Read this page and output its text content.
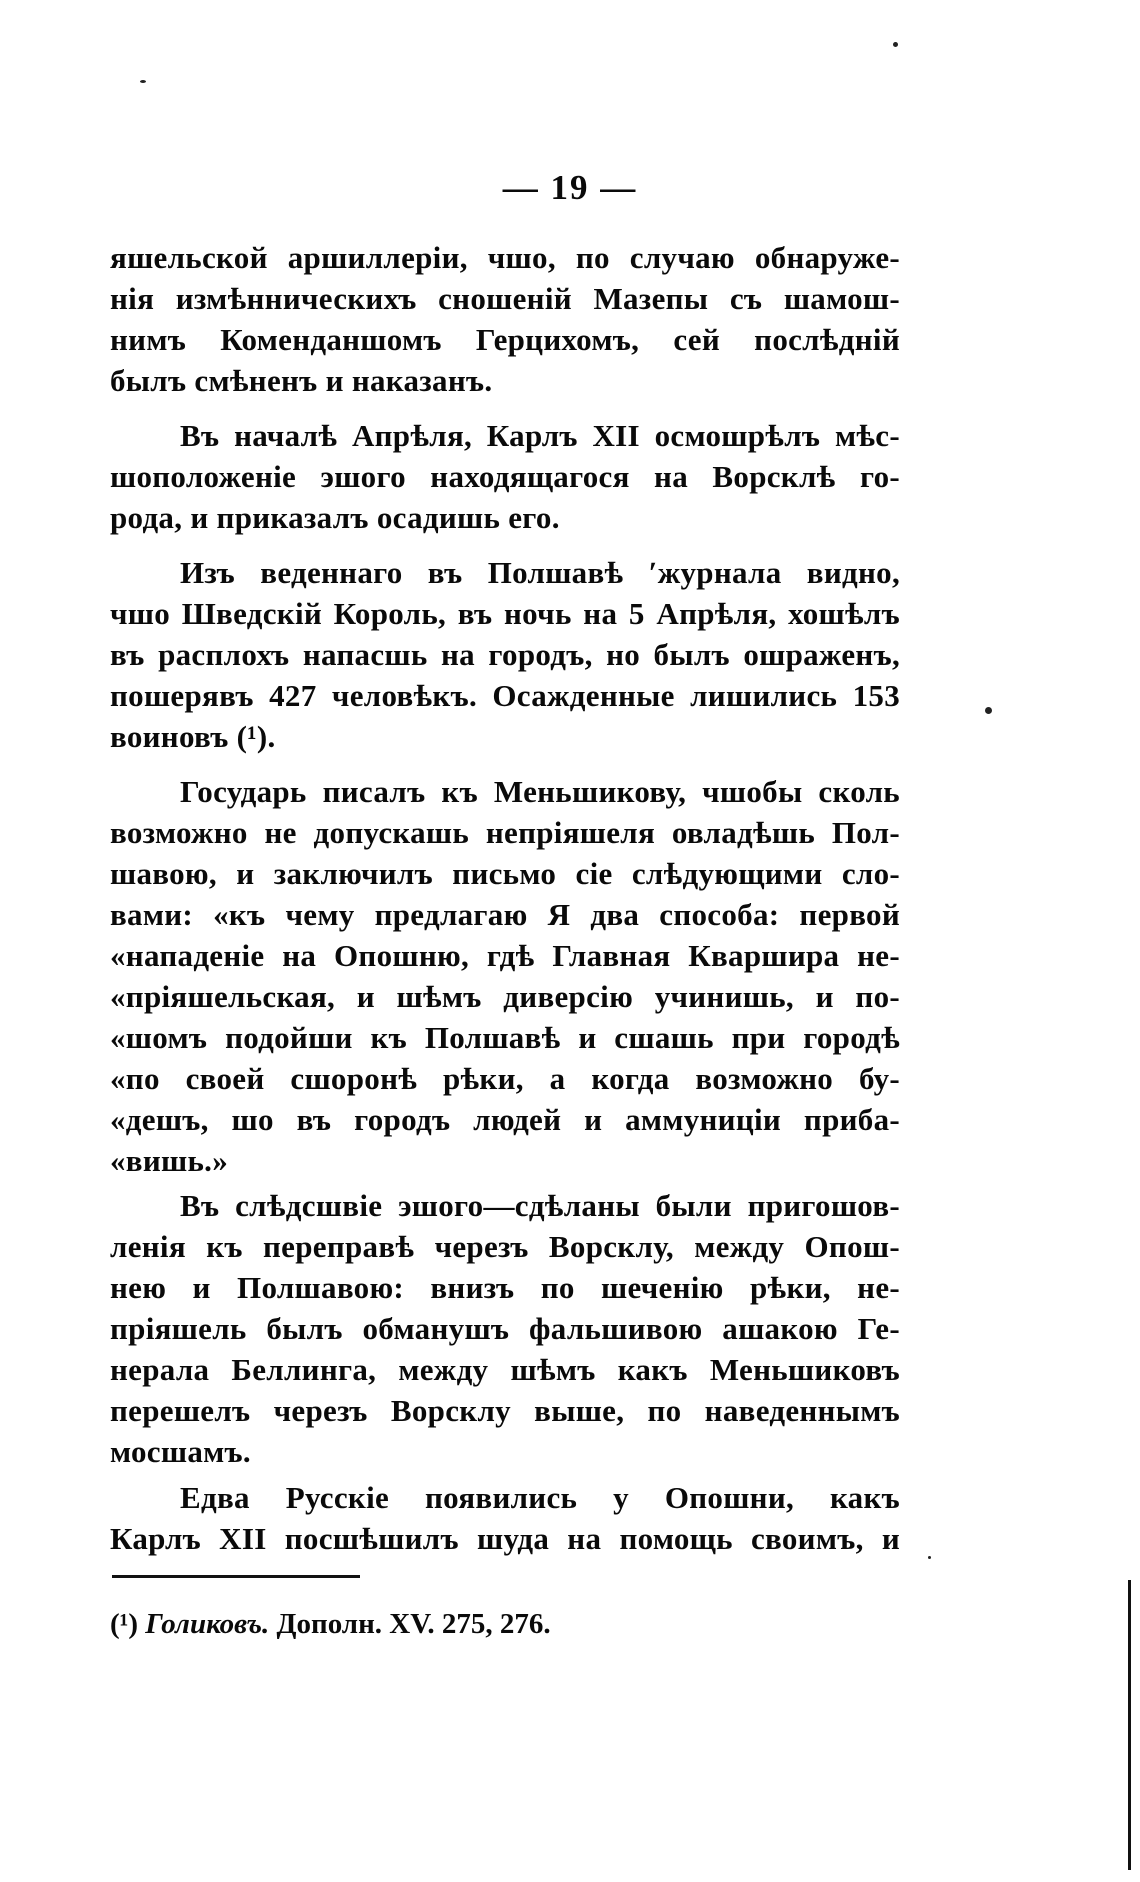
— 19 —
яшельской аршиллеріи, чшо, по случаю обнаруже-
нія измѣнническихъ сношеній Мазепы съ шамош-
нимъ Коменданшомъ Герцихомъ, сей послѣдній
былъ смѣненъ и наказанъ.
Въ началѣ Апрѣля, Карлъ XII осмошрѣлъ мѣс-
шоположеніе эшого находящагося на Ворсклѣ го-
рода, и приказалъ осадишь его.
Изъ веденнаго въ Полшавѣ ʹжурнала видно,
чшо Шведскій Король, въ ночь на 5 Апрѣля, хошѣлъ
въ расплохъ напасшь на городъ, но былъ ошраженъ,
пошерявъ 427 человѣкъ. Осажденные лишились 153
воиновъ (¹).
Государь писалъ къ Меньшикову, чшобы сколь
возможно не допускашь непріяшеля овладѣшь Пол-
шавою, и заключилъ письмо сіе слѣдующими сло-
вами: «къ чему предлагаю Я два способа: первой
«нападеніе на Опошню, гдѣ Главная Кваршира не-
«пріяшельская, и шѣмъ диверсію учинишь, и по-
«шомъ подойши къ Полшавѣ и сшашь при городѣ
«по своей сшоронѣ рѣки, а когда возможно бу-
«дешъ, шо въ городъ людей и аммуниціи приба-
«вишь.»
Въ слѣдсшвіе эшого—сдѣланы были пригошов-
ленія къ переправѣ черезъ Ворсклу, между Опош-
нею и Полшавою: внизъ по шеченію рѣки, не-
пріяшель былъ обманушъ фальшивою ашакою Ге-
нерала Беллинга, между шѣмъ какъ Меньшиковъ
перешелъ черезъ Ворсклу выше, по наведеннымъ
мосшамъ.
Едва Русскіе появились у Опошни, какъ
Карлъ XII посшѣшилъ шуда на помощь своимъ, и
(¹) Голиковъ. Дополн. XV. 275, 276.
